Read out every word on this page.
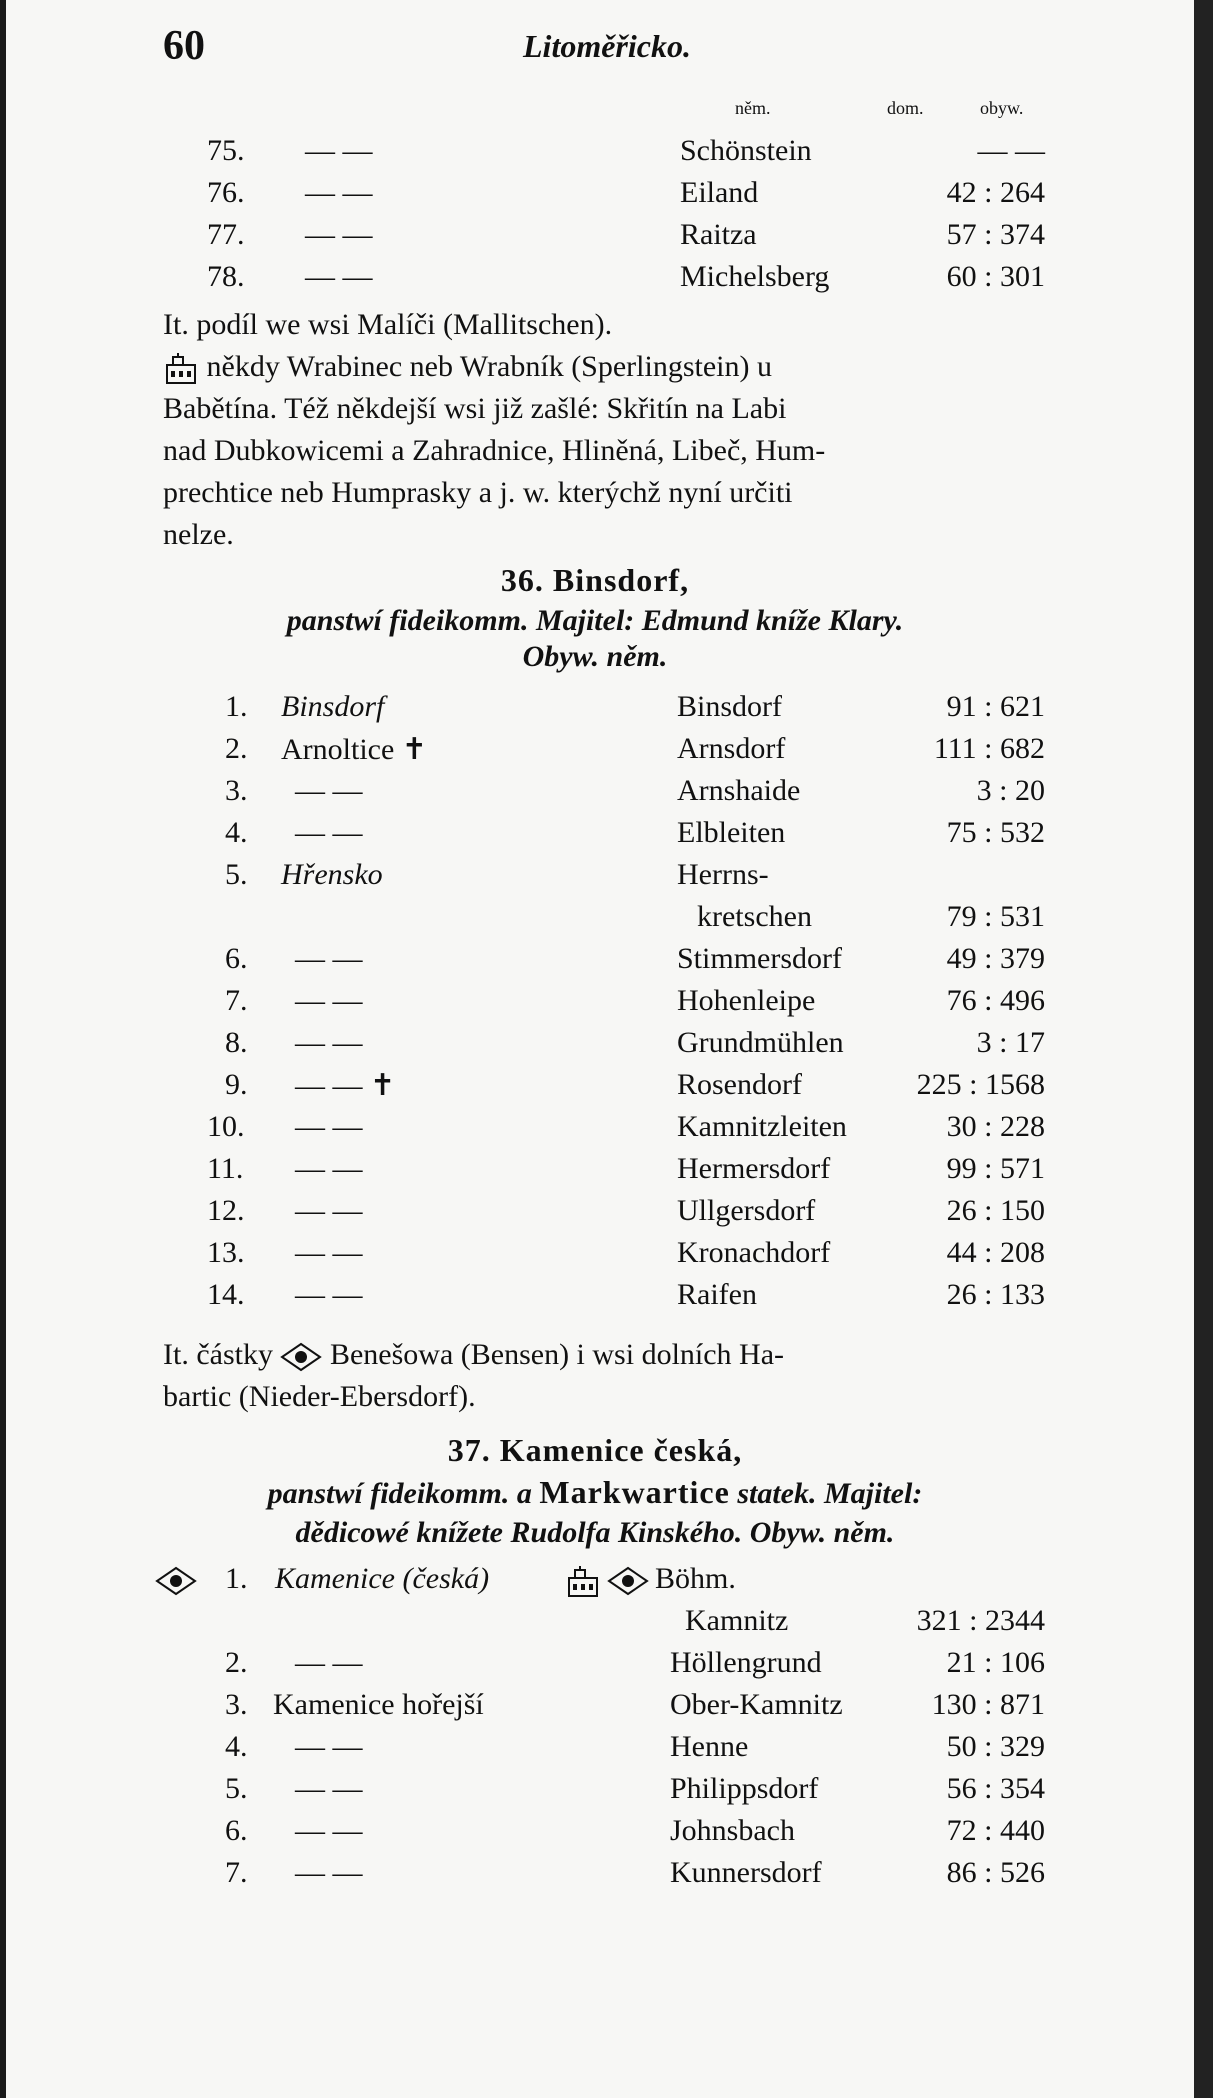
60	Litoměřicko.
něm.	dom.	obyw.
75. — —	Schönstein	— —
76. — —	Eiland	42 : 264
77. — —	Raitza	57 : 374
78. — —	Michelsberg	60 : 301
It. podíl we wsi Malíči (Mallitschen).
někdy Wrabinec neb Wrabník (Sperlingstein) u
Babětína. Též někdejší wsi již zašlé: Skřitín na Labi
nad Dubkowicemi a Zahradnice, Hliněná, Libeč, Hum-
prechtice neb Humprasky a j. w. kterýchž nyní určiti
nelze.
36. Binsdorf,
panstwí fideikomm. Majitel: Edmund kníže Klary.
Obyw. něm.
1. Binsdorf	Binsdorf	91 : 621
2. Arnoltice ✝	Arnsdorf	111 : 682
3. — —	Arnshaide	3 : 20
4. — —	Elbleiten	75 : 532
5. Hřensko	Herrns-
kretschen	79 : 531
6. — —	Stimmersdorf	49 : 379
7. — —	Hohenleipe	76 : 496
8. — —	Grundmühlen	3 : 17
9. — — ✝	Rosendorf	225 : 1568
10. — —	Kamnitzleiten	30 : 228
11. — —	Hermersdorf	99 : 571
12. — —	Ullgersdorf	26 : 150
13. — —	Kronachdorf	44 : 208
14. — —	Raifen	26 : 133
It. částky Benešowa (Bensen) i wsi dolních Ha-
bartic (Nieder-Ebersdorf).
37. Kamenice česká,
panstwí fideikomm. a Markwartice statek. Majitel:
dědicowé knížete Rudolfa Kinského. Obyw. něm.
1. Kamenice (česká)	Böhm.
Kamnitz	321 : 2344
2. — —	Höllengrund	21 : 106
3. Kamenice hořejší	Ober-Kamnitz	130 : 871
4. — —	Henne	50 : 329
5. — —	Philippsdorf	56 : 354
6. — —	Johnsbach	72 : 440
7. — —	Kunnersdorf	86 : 526
